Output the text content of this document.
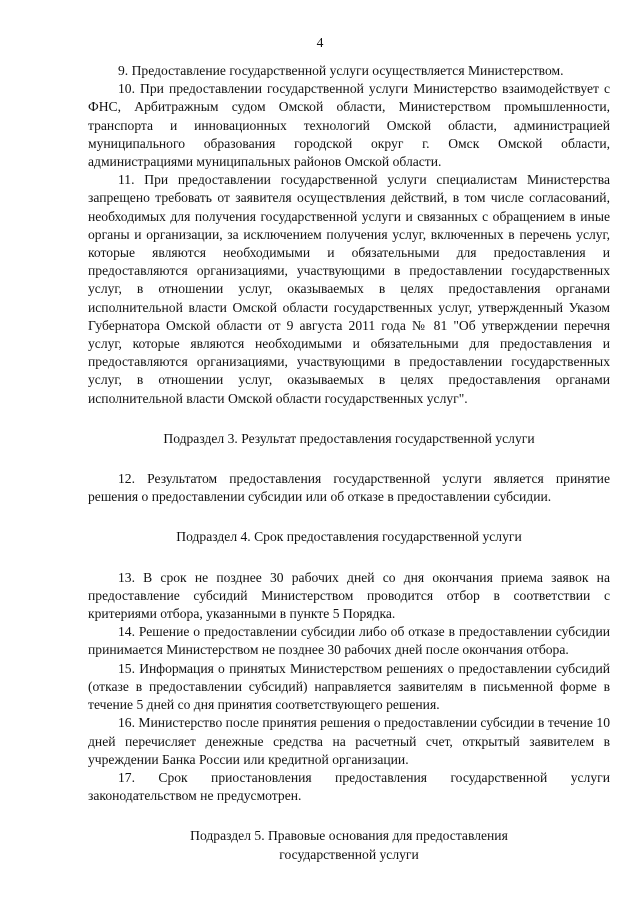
4

9. Предоставление государственной услуги осуществляется Министерством.

10. При предоставлении государственной услуги Министерство взаимодействует с ФНС, Арбитражным судом Омской области, Министерством промышленности, транспорта и инновационных технологий Омской области, администрацией муниципального образования городской округ г. Омск Омской области, администрациями муниципальных районов Омской области.

11. При предоставлении государственной услуги специалистам Министерства запрещено требовать от заявителя осуществления действий, в том числе согласований, необходимых для получения государственной услуги и связанных с обращением в иные органы и организации, за исключением получения услуг, включенных в перечень услуг, которые являются необходимыми и обязательными для предоставления и предоставляются организациями, участвующими в предоставлении государственных услуг, в отношении услуг, оказываемых в целях предоставления органами исполнительной власти Омской области государственных услуг, утвержденный Указом Губернатора Омской области от 9 августа 2011 года № 81 "Об утверждении перечня услуг, которые являются необходимыми и обязательными для предоставления и предоставляются организациями, участвующими в предоставлении государственных услуг, в отношении услуг, оказываемых в целях предоставления органами исполнительной власти Омской области государственных услуг".

Подраздел 3. Результат предоставления государственной услуги

12. Результатом предоставления государственной услуги является принятие решения о предоставлении субсидии или об отказе в предоставлении субсидии.

Подраздел 4. Срок предоставления государственной услуги

13. В срок не позднее 30 рабочих дней со дня окончания приема заявок на предоставление субсидий Министерством проводится отбор в соответствии с критериями отбора, указанными в пункте 5 Порядка.

14. Решение о предоставлении субсидии либо об отказе в предоставлении субсидии принимается Министерством не позднее 30 рабочих дней после окончания отбора.

15. Информация о принятых Министерством решениях о предоставлении субсидий (отказе в предоставлении субсидий) направляется заявителям в письменной форме в течение 5 дней со дня принятия соответствующего решения.

16. Министерство после принятия решения о предоставлении субсидии в течение 10 дней перечисляет денежные средства на расчетный счет, открытый заявителем в учреждении Банка России или кредитной организации.

17. Срок приостановления предоставления государственной услуги законодательством не предусмотрен.

Подраздел 5. Правовые основания для предоставления

государственной услуги
